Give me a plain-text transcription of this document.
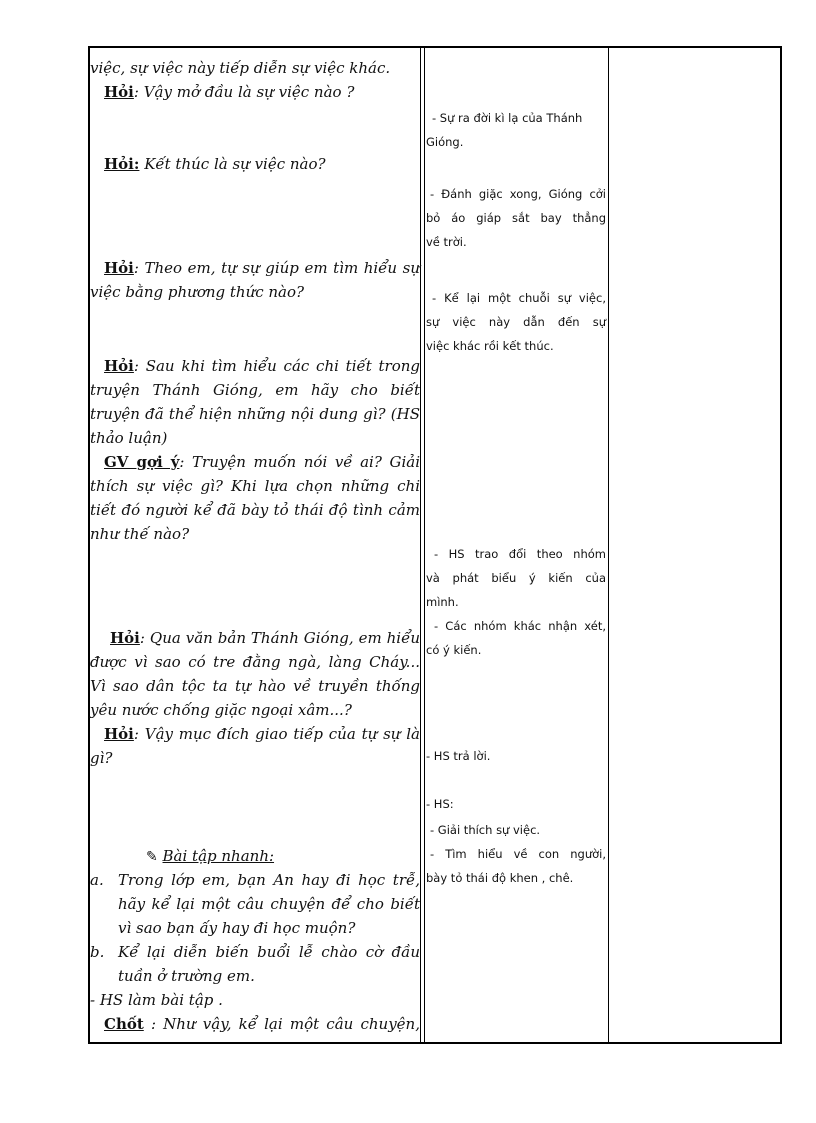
việc, sự việc này tiếp diễn sự việc khác.
Hỏi: Vậy mở đầu là sự việc nào ?
Hỏi: Kết thúc là sự việc nào?
Hỏi: Theo em, tự sự giúp em tìm hiểu sự
việc bằng phương thức nào?
Hỏi: Sau khi tìm hiểu các chi tiết trong
truyện Thánh Gióng, em hãy cho biết
truyện đã thể hiện những nội dung gì? (HS
thảo luận)
GV gợi ý: Truyện muốn nói về ai? Giải
thích sự việc gì? Khi lựa chọn những chi
tiết đó người kể đã bày tỏ thái độ tình cảm
như thế nào?
Hỏi: Qua văn bản Thánh Gióng, em hiểu
được vì sao có tre đằng ngà, làng Cháy...
Vì sao dân tộc ta tự hào về truyền thống
yêu nước chống giặc ngoại xâm...?
Hỏi: Vậy mục đích giao tiếp của tự sự là
gì?
✎ Bài tập nhanh:
a. Trong lớp em, bạn An hay đi học trễ, hãy kể lại một câu chuyện để cho biết vì sao bạn ấy hay đi học muộn?
b. Kể lại diễn biến buổi lễ chào cờ đầu tuần ở trường em.
- HS làm bài tập .
Chốt : Như vậy, kể lại một câu chuyện,
- Sự ra đời kì lạ của Thánh
Gióng.
- Đánh giặc xong, Gióng cởi
bỏ áo giáp sắt bay thẳng
về trời.
- Kể lại một chuỗi sự việc,
sự việc này dẫn đến sự
việc khác rồi kết thúc.
- HS trao đổi theo nhóm
và phát biểu ý kiến của
mình.
- Các nhóm khác nhận xét,
có ý kiến.
- HS trả lời.
- HS:
- Giải thích sự việc.
- Tìm hiểu về con người,
bày tỏ thái độ khen , chê.
